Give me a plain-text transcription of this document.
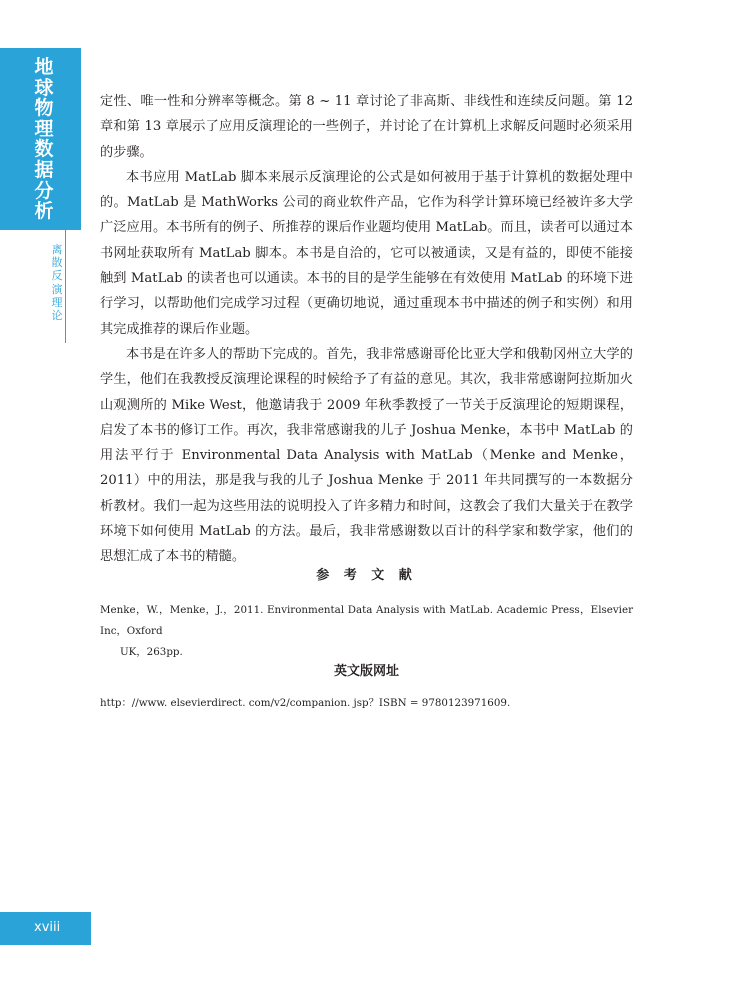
地
球
物
理
数
据
分
析
离
散
反
演
理
论

定性、唯一性和分辨率等概念。第 8 ~ 11 章讨论了非高斯、非线性和连续反问题。第 12 章和第 13 章展示了应用反演理论的一些例子，并讨论了在计算机上求解反问题时必须采用的步骤。

本书应用 MatLab 脚本来展示反演理论的公式是如何被用于基于计算机的数据处理中的。MatLab 是 MathWorks 公司的商业软件产品，它作为科学计算环境已经被许多大学广泛应用。本书所有的例子、所推荐的课后作业题均使用 MatLab。而且，读者可以通过本书网址获取所有 MatLab 脚本。本书是自洽的，它可以被通读，又是有益的，即使不能接触到 MatLab 的读者也可以通读。本书的目的是学生能够在有效使用 MatLab 的环境下进行学习，以帮助他们完成学习过程（更确切地说，通过重现本书中描述的例子和实例）和用其完成推荐的课后作业题。

本书是在许多人的帮助下完成的。首先，我非常感谢哥伦比亚大学和俄勒冈州立大学的学生，他们在我教授反演理论课程的时候给予了有益的意见。其次，我非常感谢阿拉斯加火山观测所的 Mike West，他邀请我于 2009 年秋季教授了一节关于反演理论的短期课程，启发了本书的修订工作。再次，我非常感谢我的儿子 Joshua Menke，本书中 MatLab 的用法平行于 Environmental Data Analysis with MatLab（Menke and Menke，2011）中的用法，那是我与我的儿子 Joshua Menke 于 2011 年共同撰写的一本数据分析教材。我们一起为这些用法的说明投入了许多精力和时间，这教会了我们大量关于在教学环境下如何使用 MatLab 的方法。最后，我非常感谢数以百计的科学家和数学家，他们的思想汇成了本书的精髓。

参 考 文 献
Menke，W.，Menke，J.，2011. Environmental Data Analysis with MatLab. Academic Press，Elsevier Inc，Oxford
UK，263pp.
英文版网址
http：//www. elsevierdirect. com/v2/companion. jsp？ISBN = 9780123971609.
xviii
